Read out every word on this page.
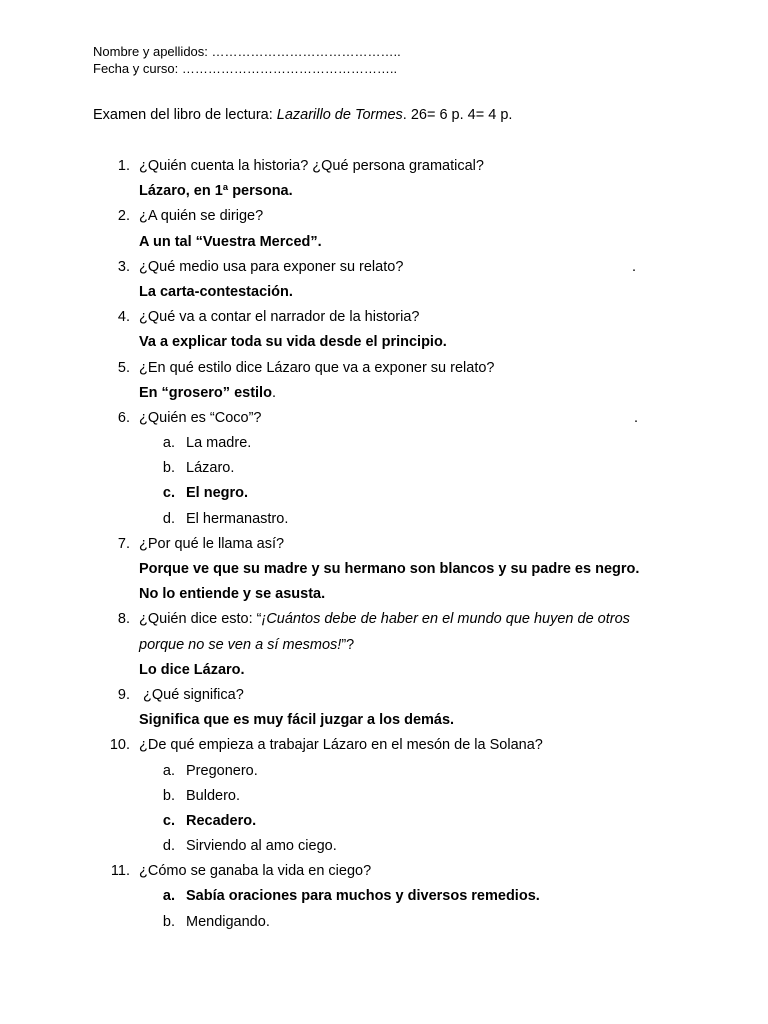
Nombre y apellidos: ……………………………………..
Fecha y curso: …………………………………………..
Examen del libro de lectura: Lazarillo de Tormes. 26= 6 p. 4= 4 p.
1. ¿Quién cuenta la historia? ¿Qué persona gramatical?
Lázaro, en 1ª persona.
2. ¿A quién se dirige?
A un tal “Vuestra Merced”.
3. ¿Qué medio usa para exponer su relato?	.
La carta-contestación.
4. ¿Qué va a contar el narrador de la historia?
Va a explicar toda su vida desde el principio.
5. ¿En qué estilo dice Lázaro que va a exponer su relato?
En “grosero” estilo.
6. ¿Quién es “Coco”?	.
a. La madre.
b. Lázaro.
c. El negro.
d. El hermanastro.
7. ¿Por qué le llama así?
Porque ve que su madre y su hermano son blancos y su padre es negro.
No lo entiende y se asusta.
8. ¿Quién dice esto: “¡Cuántos debe de haber en el mundo que huyen de otros
porque no se ven a sí mesmos!”?
Lo dice Lázaro.
9. ¿Qué significa?
Significa que es muy fácil juzgar a los demás.
10. ¿De qué empieza a trabajar Lázaro en el mesón de la Solana?
a. Pregonero.
b. Buldero.
c. Recadero.
d. Sirviendo al amo ciego.
11. ¿Cómo se ganaba la vida en ciego?
a. Sabía oraciones para muchos y diversos remedios.
b. Mendigando.
